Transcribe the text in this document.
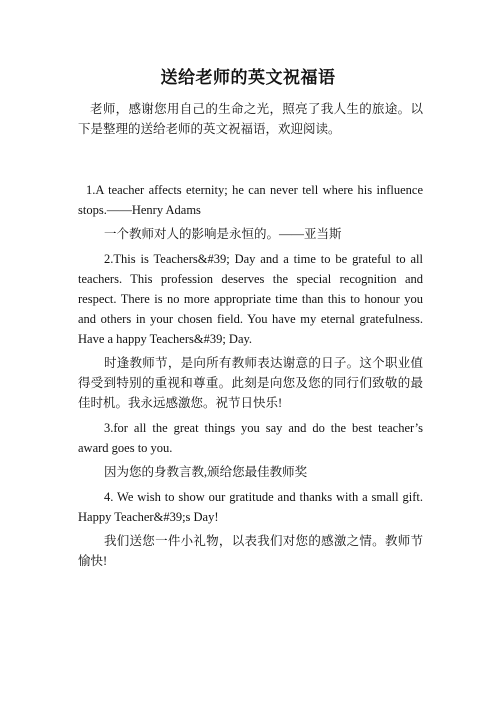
送给老师的英文祝福语

老师，感谢您用自己的生命之光，照亮了我人生的旅途。以下是整理的送给老师的英文祝福语，欢迎阅读。

1.A teacher affects eternity; he can never tell where his influence stops.——Henry Adams

一个教师对人的影响是永恒的。——亚当斯

2.This is Teachers&#39; Day and a time to be grateful to all teachers. This profession deserves the special recognition and respect. There is no more appropriate time than this to honour you and others in your chosen field. You have my eternal gratefulness. Have a happy Teachers&#39; Day.

时逢教师节，是向所有教师表达谢意的日子。这个职业值得受到特别的重视和尊重。此刻是向您及您的同行们致敬的最佳时机。我永远感激您。祝节日快乐!

3.for all the great things you say and do the best teacher’s award goes to you.

因为您的身教言教,颁给您最佳教师奖

4. We wish to show our gratitude and thanks with a small gift. Happy Teacher&#39;s Day!

我们送您一件小礼物，以表我们对您的感激之情。教师节愉快!
